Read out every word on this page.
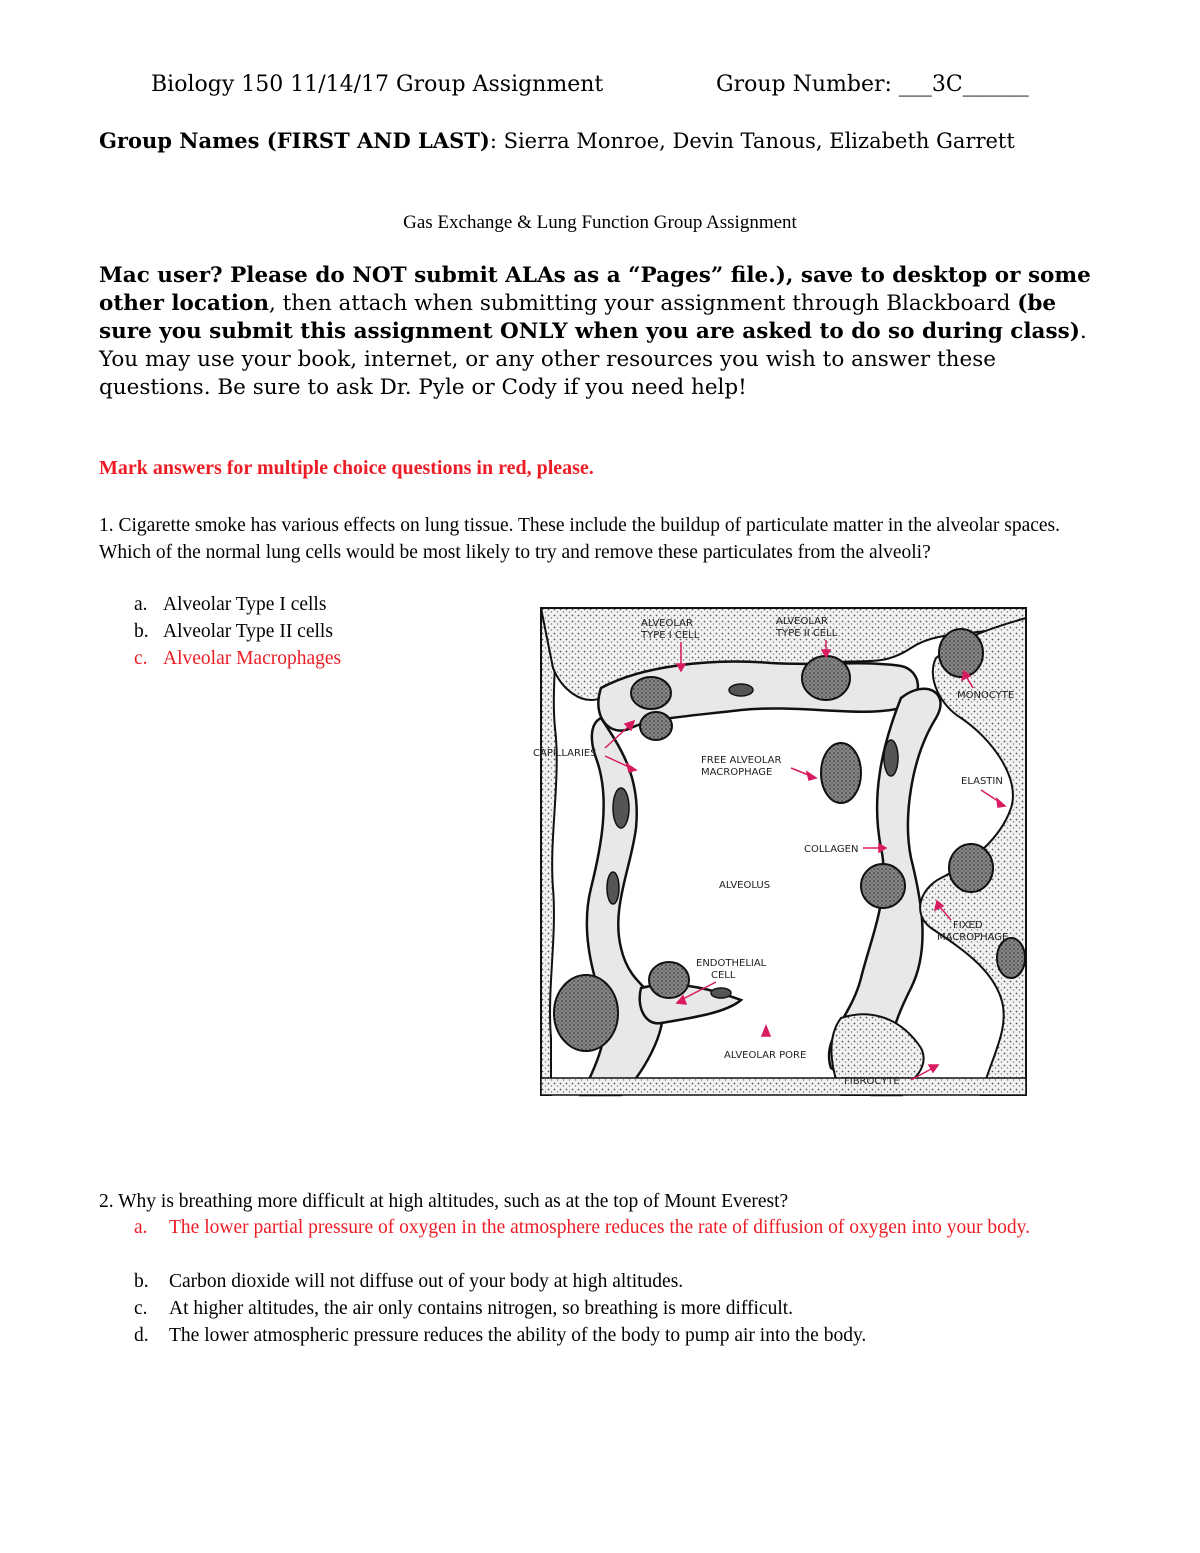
Biology 150 11/14/17 Group Assignment	Group Number: ___3C______
Group Names (FIRST AND LAST): Sierra Monroe, Devin Tanous, Elizabeth Garrett
Gas Exchange & Lung Function Group Assignment
Mac user? Please do NOT submit ALAs as a “Pages” file.), save to desktop or some other location, then attach when submitting your assignment through Blackboard (be sure you submit this assignment ONLY when you are asked to do so during class). You may use your book, internet, or any other resources you wish to answer these questions. Be sure to ask Dr. Pyle or Cody if you need help!
Mark answers for multiple choice questions in red, please.
1. Cigarette smoke has various effects on lung tissue. These include the buildup of particulate matter in the alveolar spaces. Which of the normal lung cells would be most likely to try and remove these particulates from the alveoli?
a. Alveolar Type I cells
b. Alveolar Type II cells
c. Alveolar Macrophages
ALVEOLAR
TYPE I CELL
ALVEOLAR
TYPE II CELL
MONOCYTE
CAPILLARIES
FREE ALVEOLAR
MACROPHAGE
ELASTIN
COLLAGEN
ALVEOLUS
FIXED
MACROPHAGE
ENDOTHELIAL
CELL
ALVEOLAR PORE
FIBROCYTE
2. Why is breathing more difficult at high altitudes, such as at the top of Mount Everest?
a. The lower partial pressure of oxygen in the atmosphere reduces the rate of diffusion of oxygen into your body.
b. Carbon dioxide will not diffuse out of your body at high altitudes.
c. At higher altitudes, the air only contains nitrogen, so breathing is more difficult.
d. The lower atmospheric pressure reduces the ability of the body to pump air into the body.
